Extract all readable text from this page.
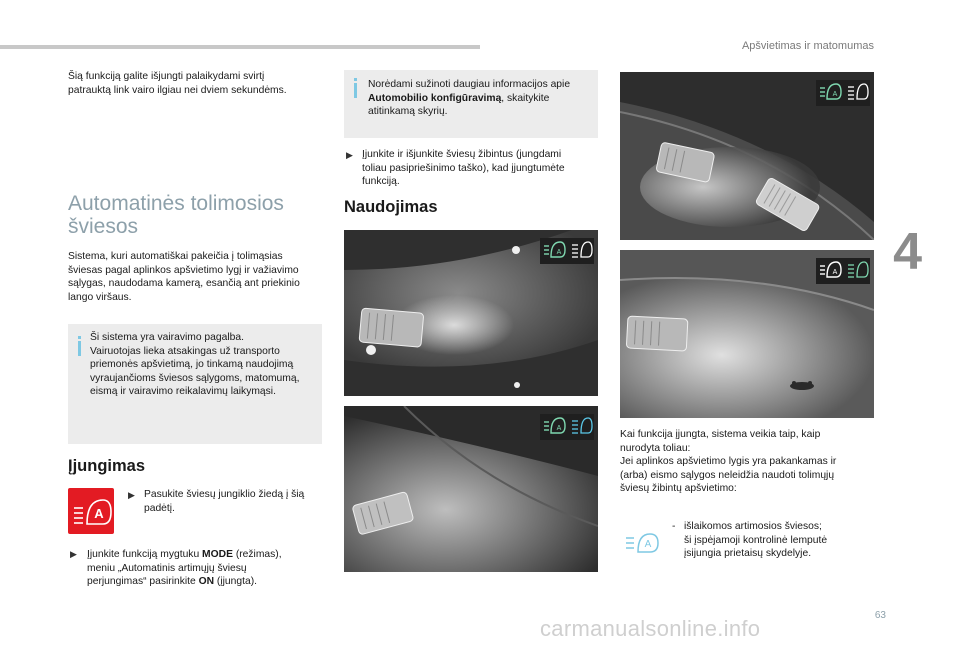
Apšvietimas ir matomumas
Šią funkciją galite išjungti palaikydami svirtį
patrauktą link vairo ilgiau nei dviem sekundėms.
Automatinės tolimosios
šviesos
Sistema, kuri automatiškai pakeičia į tolimąsias
šviesas pagal aplinkos apšvietimo lygį ir važiavimo
sąlygas, naudodama kamerą, esančią ant priekinio
lango viršaus.
Ši sistema yra vairavimo pagalba.
Vairuotojas lieka atsakingas už transporto
priemonės apšvietimą, jo tinkamą naudojimą
vyraujančioms šviesos sąlygoms, matomumą,
eismą ir vairavimo reikalavimų laikymąsi.
Įjungimas
A
▶ Pasukite šviesų jungiklio žiedą į šią
padėtį.
▶ Įjunkite funkciją mygtuku MODE (režimas),
meniu „Automatinis artimųjų šviesų
perjungimas“ pasirinkite ON (įjungta).
Norėdami sužinoti daugiau informacijos apie
Automobilio konfigūravimą, skaitykite
atitinkamą skyrių.
▶ Įjunkite ir išjunkite šviesų žibintus (jungdami
toliau pasipriešinimo taško), kad įjungtumėte
funkciją.
Naudojimas
A
A
A
A
Kai funkcija įjungta, sistema veikia taip, kaip
nurodyta toliau:
Jei aplinkos apšvietimo lygis yra pakankamas ir
(arba) eismo sąlygos neleidžia naudoti tolimųjų
šviesų žibintų apšvietimo:
A
- išlaikomos artimosios šviesos;
ši įspėjamoji kontrolinė lemputė
įsijungia prietaisų skydelyje.
4
63
carmanualsonline.info
